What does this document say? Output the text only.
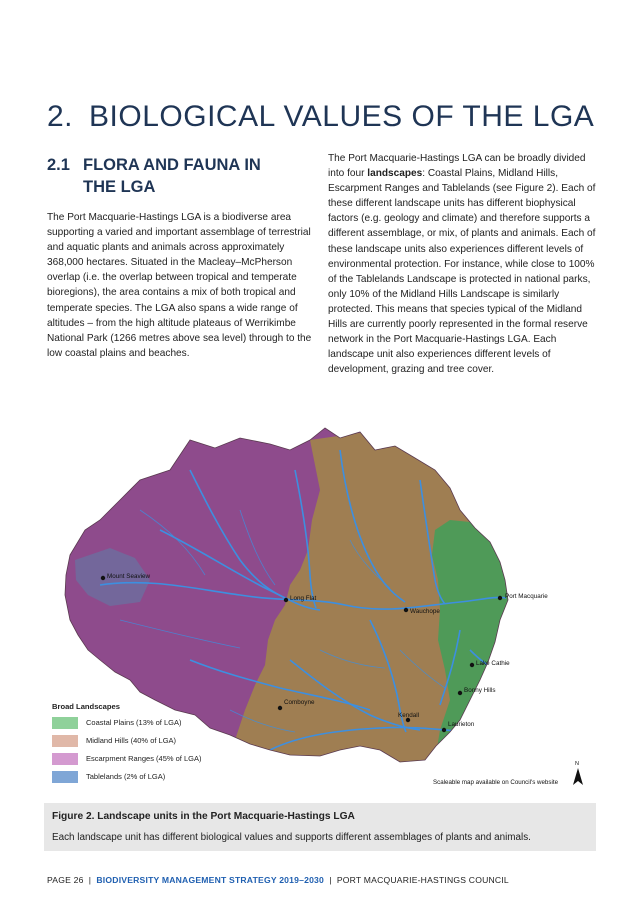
2. BIOLOGICAL VALUES OF THE LGA
2.1 FLORA AND FAUNA IN
THE LGA

The Port Macquarie-Hastings LGA is a biodiverse area supporting a varied and important assemblage of terrestrial and aquatic plants and animals across approximately 368,000 hectares. Situated in the Macleay–McPherson overlap (i.e. the overlap between tropical and temperate bioregions), the area contains a mix of both tropical and temperate species. The LGA also spans a wide range of altitudes – from the high altitude plateaus of Werrikimbe National Park (1266 metres above sea level) through to the low coastal plains and beaches.

The Port Macquarie-Hastings LGA can be broadly divided into four landscapes: Coastal Plains, Midland Hills, Escarpment Ranges and Tablelands (see Figure 2). Each of these different landscape units has different biophysical factors (e.g. geology and climate) and therefore supports a different assemblage, or mix, of plants and animals. Each of these landscape units also experiences different levels of environmental protection. For instance, while close to 100% of the Tablelands Landscape is protected in national parks, only 10% of the Midland Hills Landscape is similarly protected. This means that species typical of the Midland Hills are currently poorly represented in the formal reserve network in the Port Macquarie-Hastings LGA. Each landscape unit also experiences different levels of development, grazing and tree cover.

Mount Seaview
Long Flat
Wauchope
Port Macquarie
Lake Cathie
Bonny Hills
Comboyne
Kendall
Laurieton
Scaleable map available on Council's website
N
Broad Landscapes
Coastal Plains (13% of LGA)
Midland Hills (40% of LGA)
Escarpment Ranges (45% of LGA)
Tablelands (2% of LGA)
Figure 2. Landscape units in the Port Macquarie-Hastings LGA
Each landscape unit has different biological values and supports different assemblages of plants and animals.
PAGE 26 | BIODIVERSITY MANAGEMENT STRATEGY 2019–2030 | PORT MACQUARIE-HASTINGS COUNCIL
